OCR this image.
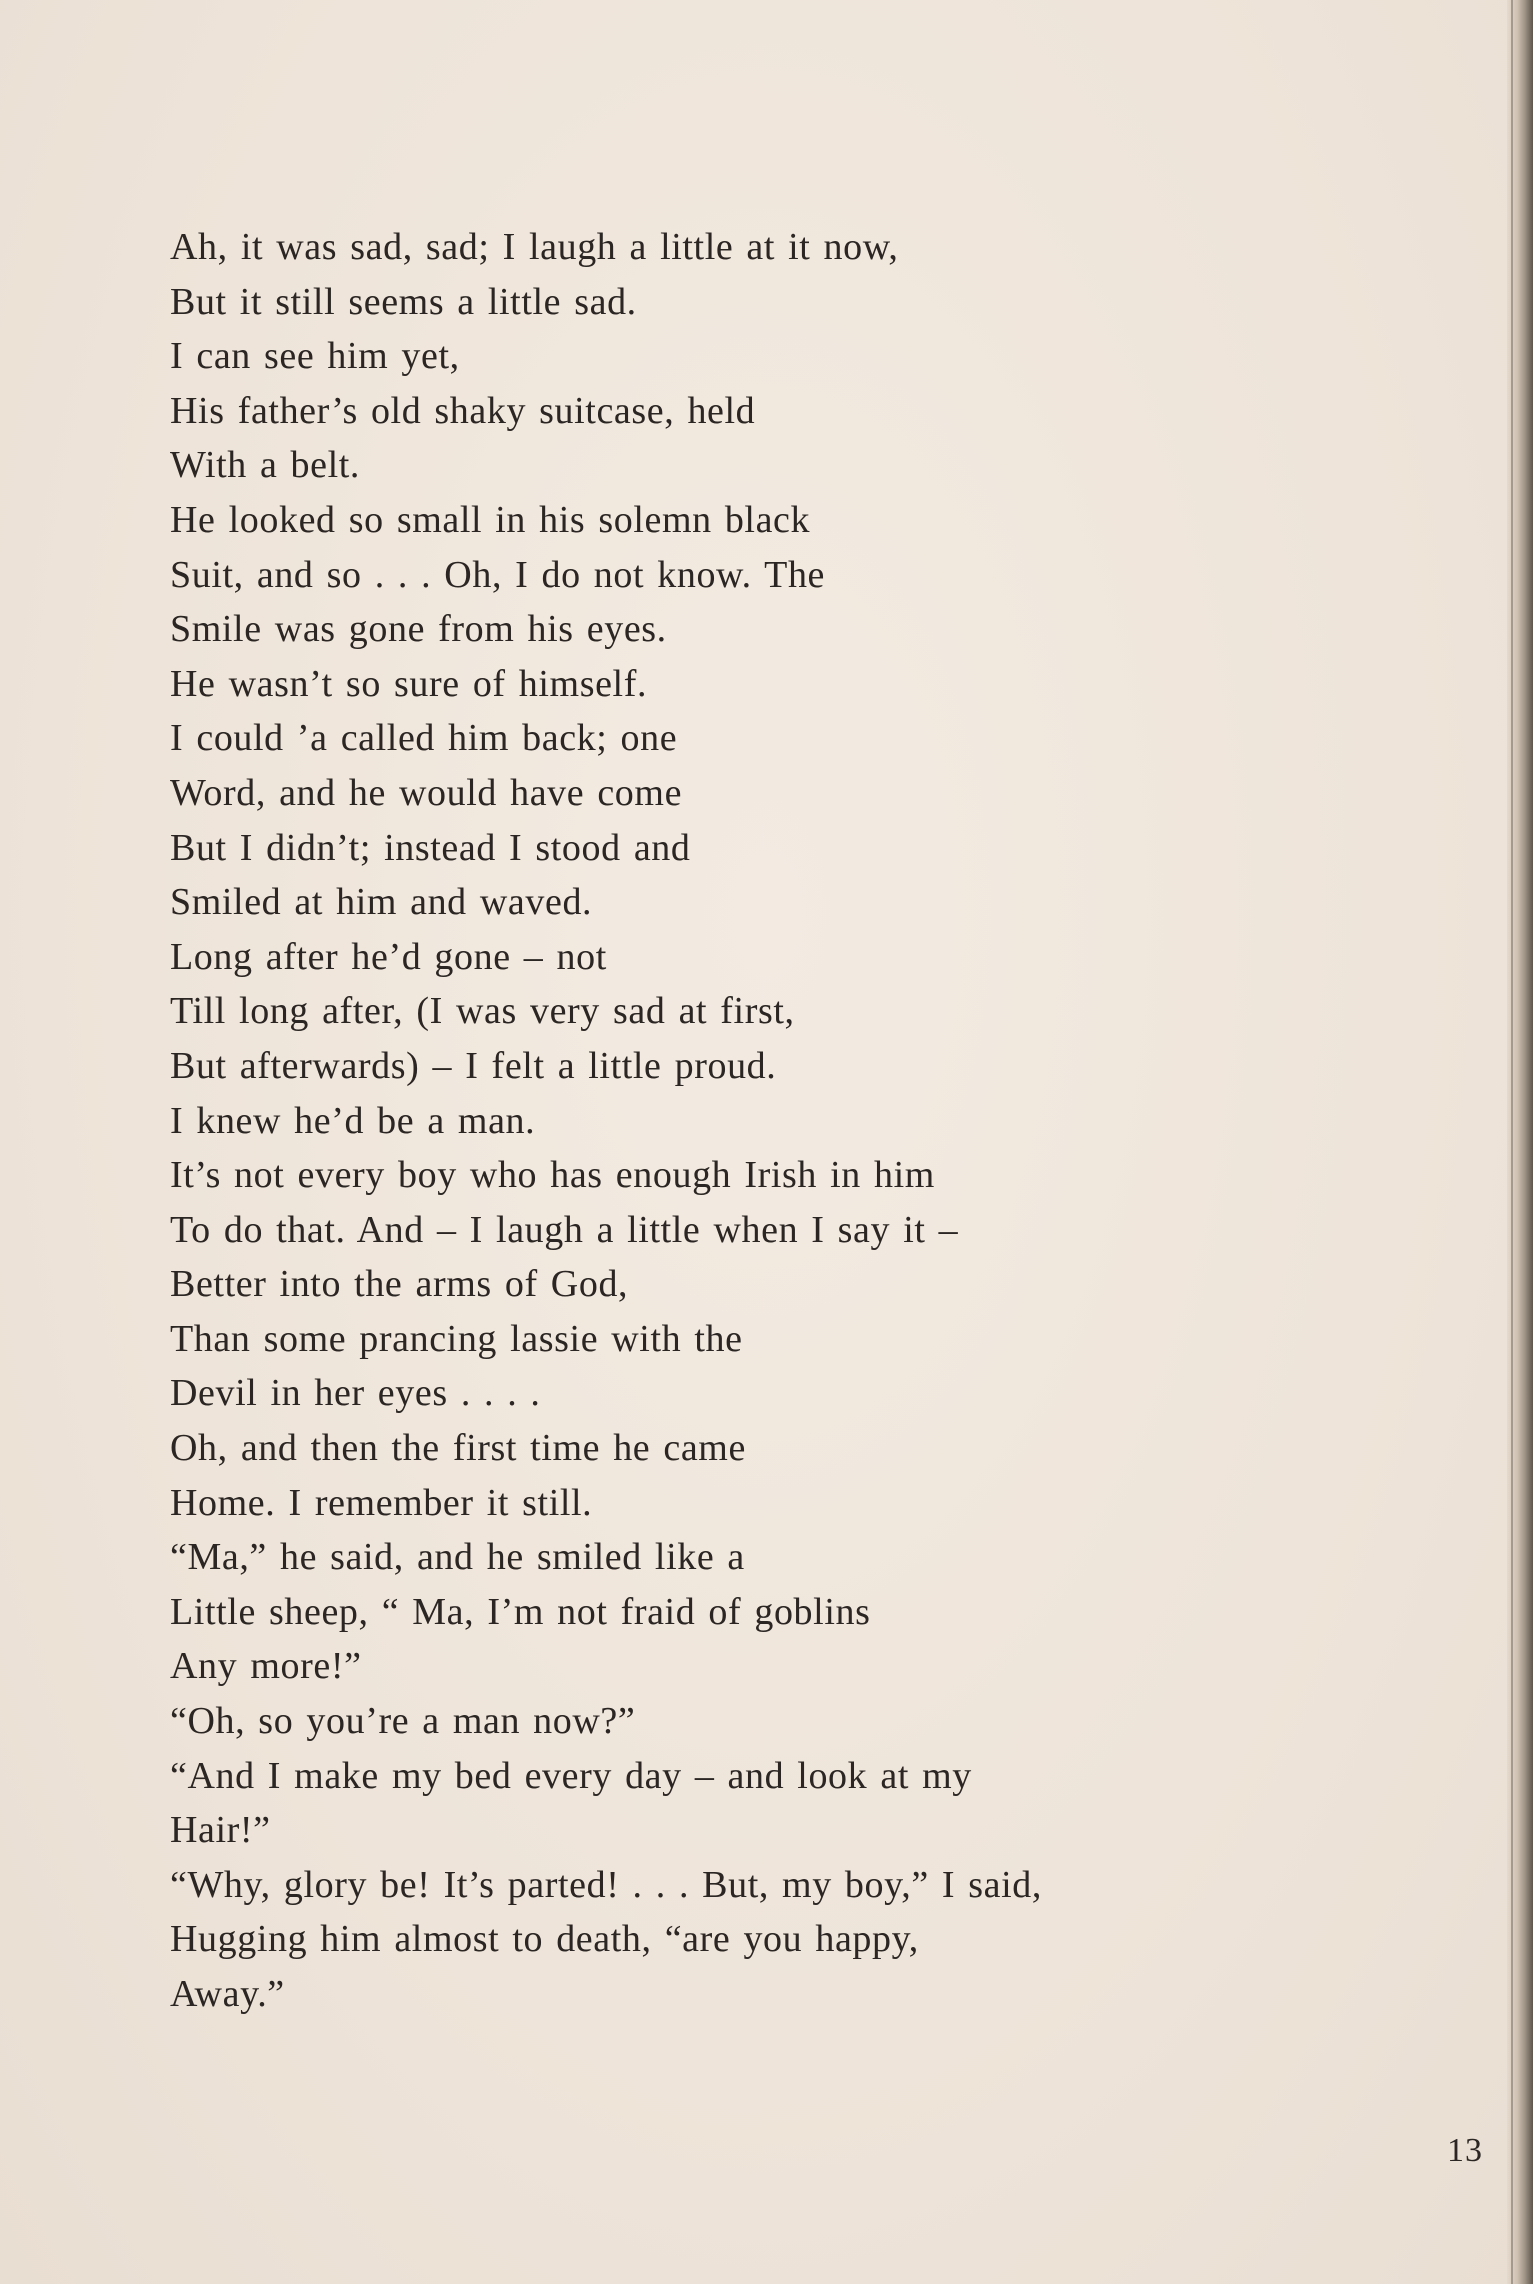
Ah, it was sad, sad; I laugh a little at it now,
But it still seems a little sad.
I can see him yet,
His father’s old shaky suitcase, held
With a belt.
He looked so small in his solemn black
Suit, and so . . . Oh, I do not know. The
Smile was gone from his eyes.
He wasn’t so sure of himself.
I could ’a called him back; one
Word, and he would have come
But I didn’t; instead I stood and
Smiled at him and waved.
Long after he’d gone – not
Till long after, (I was very sad at first,
But afterwards) – I felt a little proud.
I knew he’d be a man.
It’s not every boy who has enough Irish in him
To do that. And – I laugh a little when I say it –
Better into the arms of God,
Than some prancing lassie with the
Devil in her eyes . . . .
Oh, and then the first time he came
Home. I remember it still.
“Ma,” he said, and he smiled like a
Little sheep, “ Ma, I’m not fraid of goblins
Any more!”
“Oh, so you’re a man now?”
“And I make my bed every day – and look at my
Hair!”
“Why, glory be! It’s parted! . . . But, my boy,” I said,
Hugging him almost to death, “are you happy,
Away.”
13
